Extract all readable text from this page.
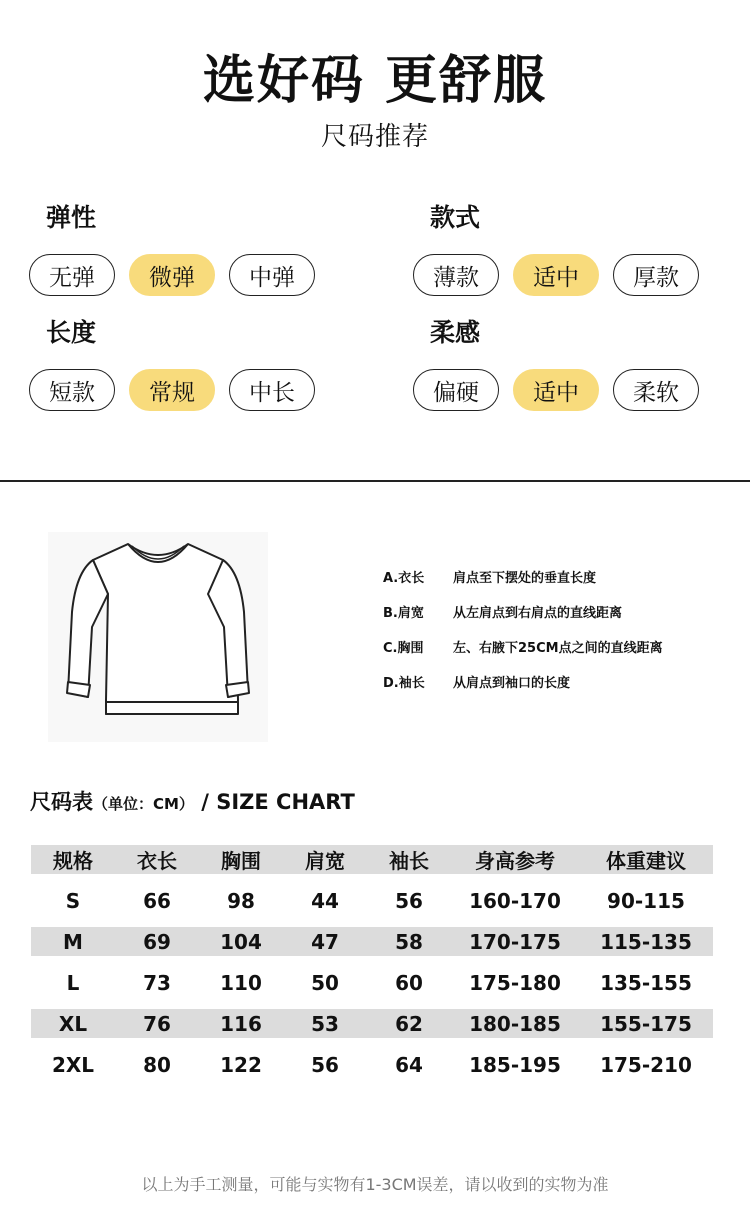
选好码 更舒服
尺码推荐
弹性
无弹	微弹	中弹
款式
薄款	适中	厚款
长度
短款	常规	中长
柔感
偏硬	适中	柔软
A.衣长	肩点至下摆处的垂直长度
B.肩宽	从左肩点到右肩点的直线距离
C.胸围	左、右腋下25CM点之间的直线距离
D.袖长	从肩点到袖口的长度
尺码表（单位：CM） / SIZE CHART
规格	衣长	胸围	肩宽	袖长	身高参考	体重建议
S	66	98	44	56	160-170	90-115
M	69	104	47	58	170-175	115-135
L	73	110	50	60	175-180	135-155
XL	76	116	53	62	180-185	155-175
2XL	80	122	56	64	185-195	175-210
以上为手工测量，可能与实物有1-3CM误差，请以收到的实物为准
